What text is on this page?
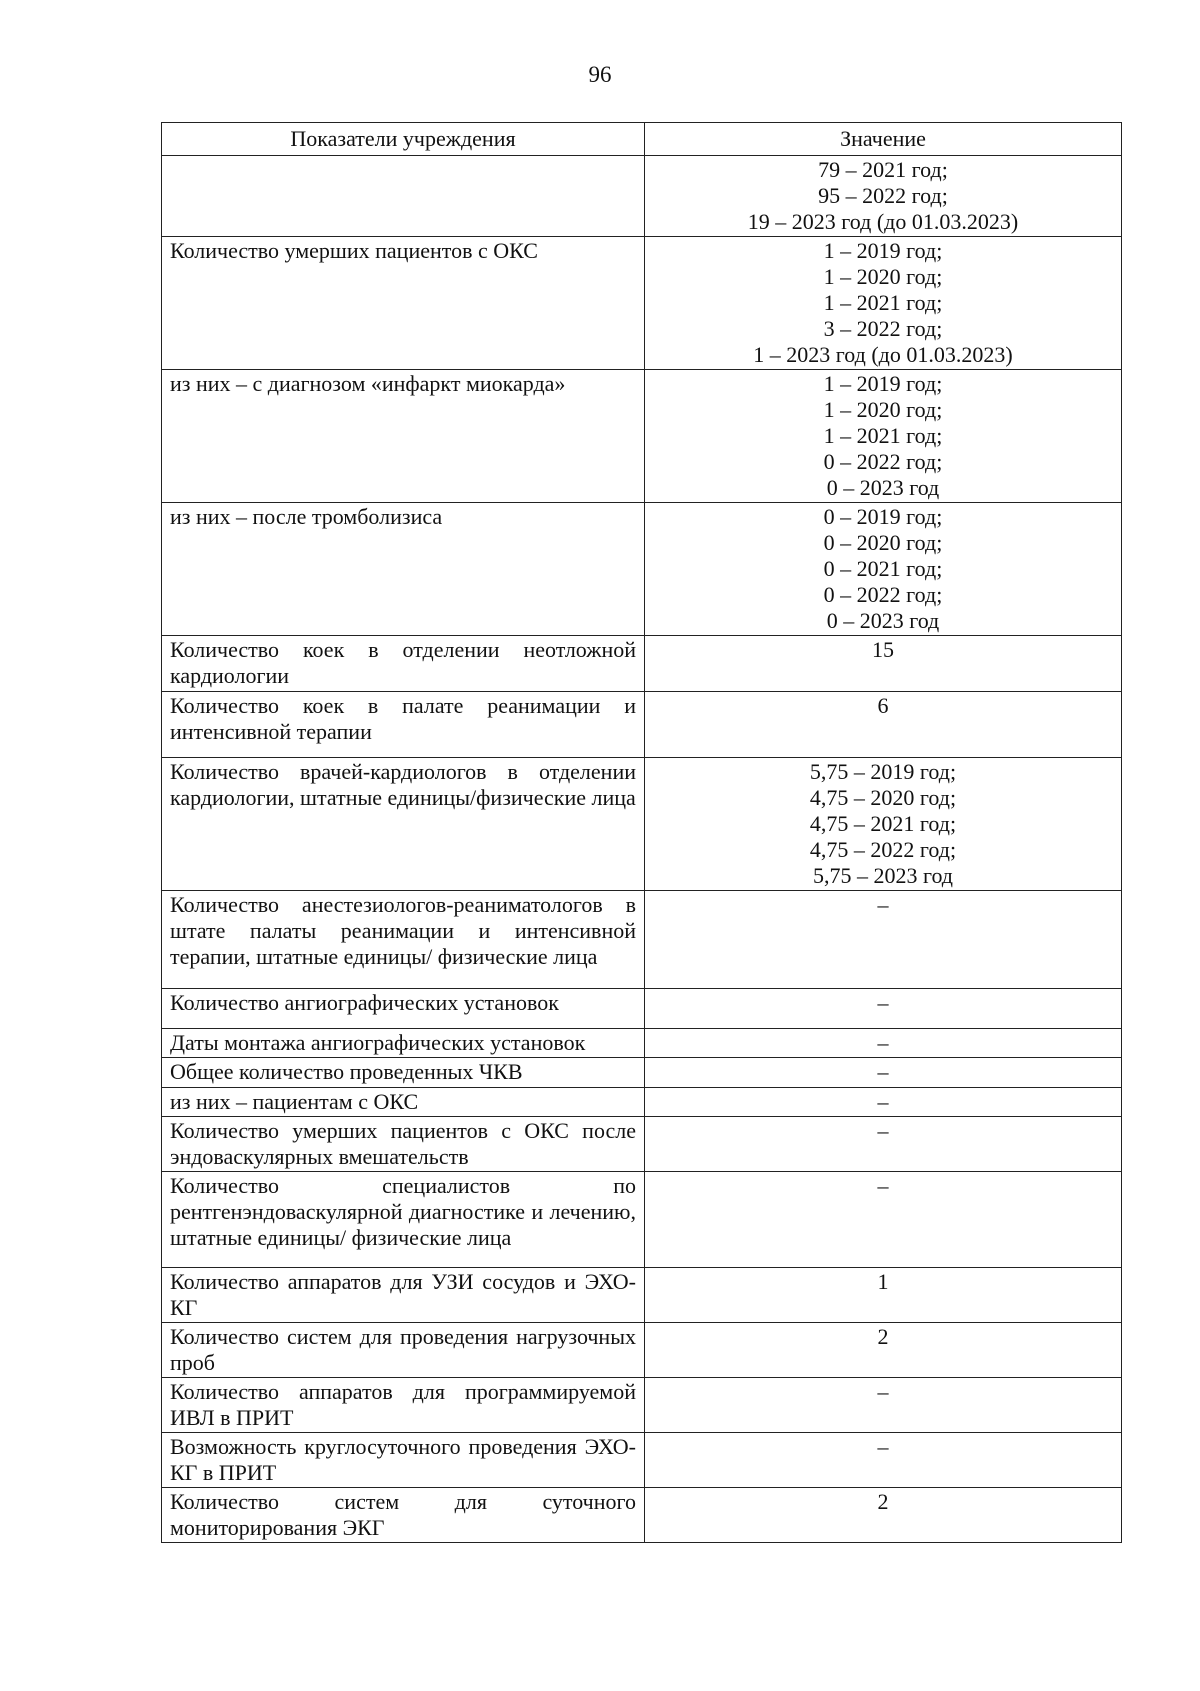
96
Показатели учреждения	Значение

	79 – 2021 год;
95 – 2022 год;
19 – 2023 год (до 01.03.2023)

Количество умерших пациентов с ОКС	1 – 2019 год;
1 – 2020 год;
1 – 2021 год;
3 – 2022 год;
1 – 2023 год (до 01.03.2023)

из них – с диагнозом «инфаркт миокарда»	1 – 2019 год;
1 – 2020 год;
1 – 2021 год;
0 – 2022 год;
0 – 2023 год

из них – после тромболизиса	0 – 2019 год;
0 – 2020 год;
0 – 2021 год;
0 – 2022 год;
0 – 2023 год

Количество коек в отделении неотложной кардиологии	15

Количество коек в палате реанимации и интенсивной терапии	6

Количество врачей-кардиологов в отделении кардиологии, штатные единицы/физические лица	5,75 – 2019 год;
4,75 – 2020 год;
4,75 – 2021 год;
4,75 – 2022 год;
5,75 – 2023 год

Количество анестезиологов-реаниматологов в штате палаты реанимации и интенсивной терапии, штатные единицы/ физические лица	–

Количество ангиографических установок	–

Даты монтажа ангиографических установок	–

Общее количество проведенных ЧКВ	–

из них – пациентам с ОКС	–

Количество умерших пациентов с ОКС после эндоваскулярных вмешательств	–

Количество специалистов по рентгенэндоваскулярной диагностике и лечению, штатные единицы/ физические лица	–

Количество аппаратов для УЗИ сосудов и ЭХО-КГ	1

Количество систем для проведения нагрузочных проб	2

Количество аппаратов для программируемой ИВЛ в ПРИТ	–

Возможность круглосуточного проведения ЭХО-КГ в ПРИТ	–

Количество систем для суточного мониторирования ЭКГ	2
